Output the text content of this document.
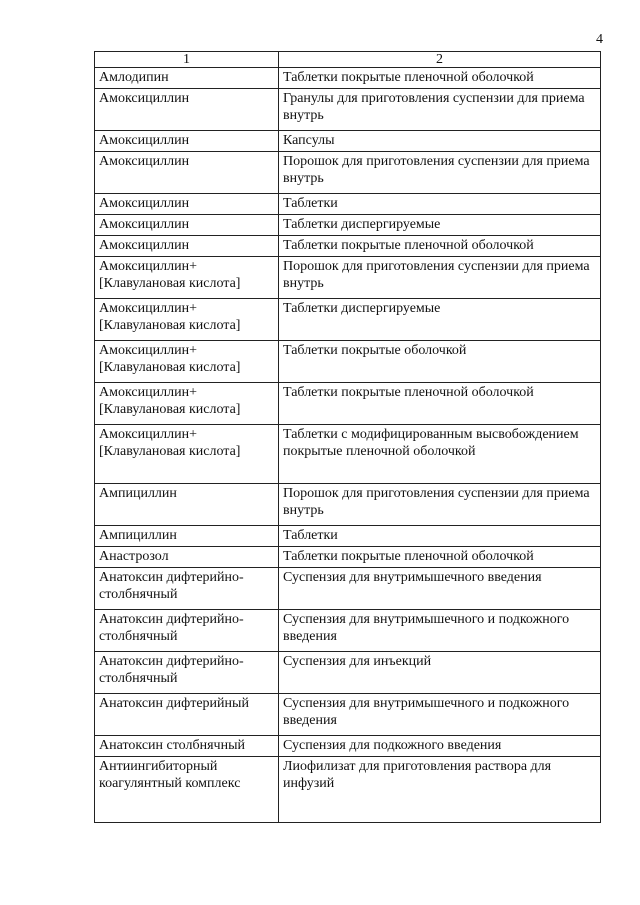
4
1	2
Амлодипин	Таблетки покрытые пленочной оболочкой
Амоксициллин	Гранулы для приготовления суспензии для приема внутрь
Амоксициллин	Капсулы
Амоксициллин	Порошок для приготовления суспензии для приема внутрь
Амоксициллин	Таблетки
Амоксициллин	Таблетки диспергируемые
Амоксициллин	Таблетки покрытые пленочной оболочкой
Амоксициллин+ [Клавулановая кислота]	Порошок для приготовления суспензии для приема внутрь
Амоксициллин+ [Клавулановая кислота]	Таблетки диспергируемые
Амоксициллин+ [Клавулановая кислота]	Таблетки покрытые оболочкой
Амоксициллин+ [Клавулановая кислота]	Таблетки покрытые пленочной оболочкой
Амоксициллин+ [Клавулановая кислота]	Таблетки с модифицированным высвобождением покрытые пленочной оболочкой
Ампициллин	Порошок для приготовления суспензии для приема внутрь
Ампициллин	Таблетки
Анастрозол	Таблетки покрытые пленочной оболочкой
Анатоксин дифтерийно-столбнячный	Суспензия для внутримышечного введения
Анатоксин дифтерийно-столбнячный	Суспензия для внутримышечного и подкожного введения
Анатоксин дифтерийно-столбнячный	Суспензия для инъекций
Анатоксин дифтерийный	Суспензия для внутримышечного и подкожного введения
Анатоксин столбнячный	Суспензия для подкожного введения
Антиингибиторный коагулянтный комплекс	Лиофилизат для приготовления раствора для инфузий
